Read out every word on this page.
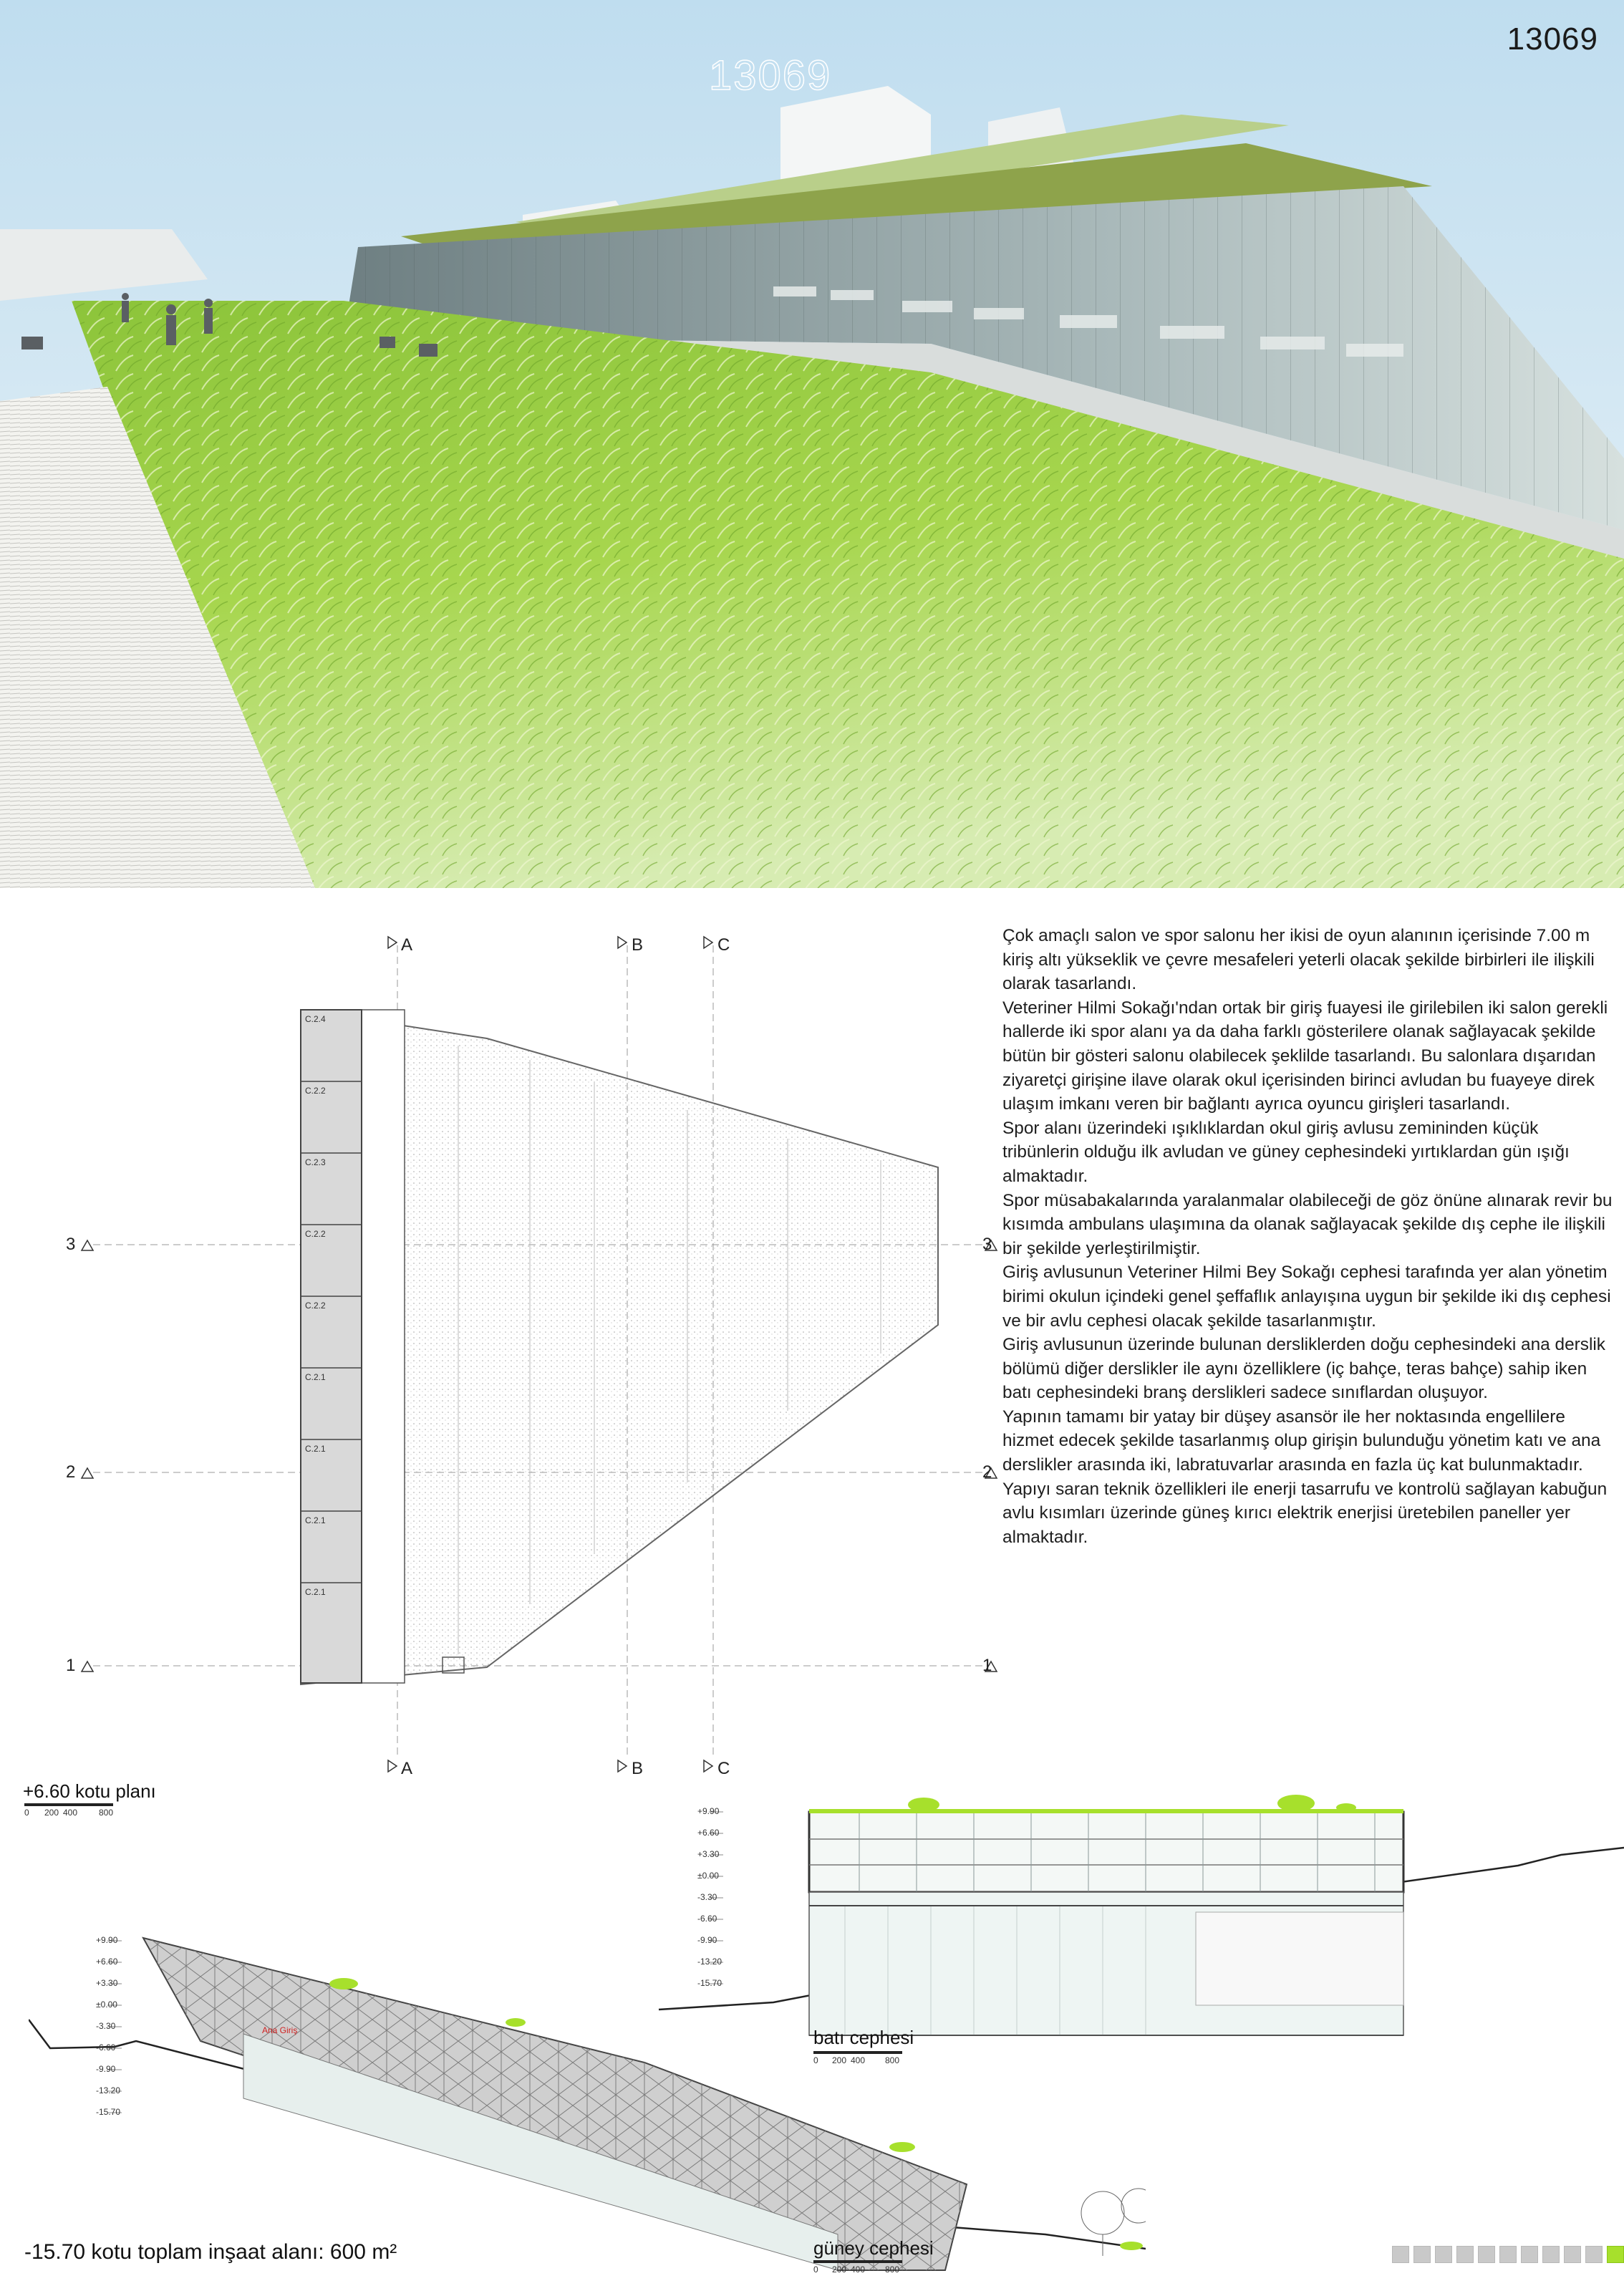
13069
13069
A	B	C
A	B	C
3
2
1
3
2
1
C.2.4
C.2.2
C.2.3
C.2.2
C.2.2
C.2.1
C.2.1
C.2.1
C.2.1
+6.60 kotu planı
0 200 400 800

Çok amaçlı salon ve spor salonu her ikisi de oyun alanının içerisinde 7.00 m kiriş altı yükseklik ve çevre mesafeleri yeterli olacak şekilde birbirleri ile ilişkili olarak tasarlandı.

Veteriner Hilmi Sokağı'ndan ortak bir giriş fuayesi ile girilebilen iki salon gerekli hallerde iki spor alanı ya da daha farklı gösterilere olanak sağlayacak şekilde bütün bir gösteri salonu olabilecek şeklilde tasarlandı. Bu salonlara dışarıdan ziyaretçi girişine ilave olarak okul içerisinden birinci avludan bu fuayeye direk ulaşım imkanı veren bir bağlantı ayrıca oyuncu girişleri tasarlandı.

Spor alanı üzerindeki ışıklıklardan okul giriş avlusu zemininden küçük tribünlerin olduğu ilk avludan ve güney cephesindeki yırtıklardan gün ışığı almaktadır.

Spor müsabakalarında yaralanmalar olabileceği de göz önüne alınarak revir bu kısımda ambulans ulaşımına da olanak sağlayacak şekilde dış cephe ile ilişkili bir şekilde yerleştirilmiştir.

Giriş avlusunun Veteriner Hilmi Bey Sokağı cephesi tarafında yer alan yönetim birimi okulun içindeki genel şeffaflık anlayışına uygun bir şekilde iki dış cephesi ve bir avlu cephesi olacak şekilde tasarlanmıştır.

Giriş avlusunun üzerinde bulunan dersliklerden doğu cephesindeki ana derslik bölümü diğer derslikler ile aynı özelliklere (iç bahçe, teras bahçe) sahip iken batı cephesindeki branş derslikleri sadece sınıflardan oluşuyor.

Yapının tamamı bir yatay bir düşey asansör ile her noktasında engellilere hizmet edecek şekilde tasarlanmış olup girişin bulunduğu yönetim katı ve ana derslikler arasında iki, labratuvarlar arasında en fazla üç kat bulunmaktadır.

Yapıyı saran teknik özellikleri ile enerji tasarrufu ve kontrolü sağlayan kabuğun avlu kısımları üzerinde güneş kırıcı elektrik enerjisi üretebilen paneller yer almaktadır.

+9.90
+6.60
+3.30
±0.00
-3.30
-6.60
-9.90
-13.20
-15.70
batı cephesi
0 200 400 800
+9.90
+6.60
+3.30
±0.00
-3.30
-6.60
-9.90
-13.20
-15.70
Ana Giriş
güney cephesi
0 200 400 800
-15.70 kotu toplam inşaat alanı: 600 m²
